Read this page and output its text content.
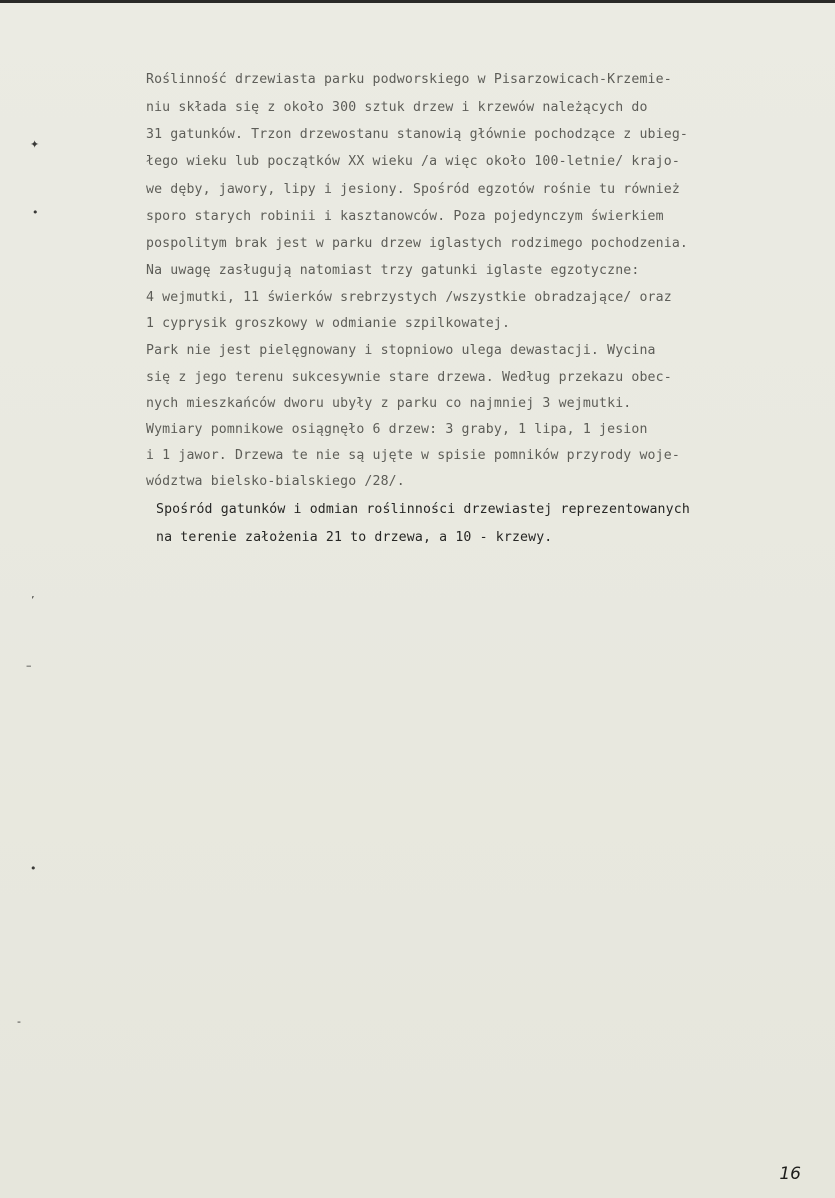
Roślinność drzewiasta parku podworskiego w Pisarzowicach-Krzemie-

niu składa się z około 300 sztuk drzew i krzewów należących do

31 gatunków. Trzon drzewostanu stanowią głównie pochodzące z ubieg-

łego wieku lub początków XX wieku /a więc około 100-letnie/ krajo-

we dęby, jawory, lipy i jesiony. Spośród egzotów rośnie tu również

sporo starych robinii i kasztanowców. Poza pojedynczym świerkiem

pospolitym brak jest w parku drzew iglastych rodzimego pochodzenia.

Na uwagę zasługują natomiast trzy gatunki iglaste egzotyczne:

4 wejmutki, 11 świerków srebrzystych /wszystkie obradzające/ oraz

1 cyprysik groszkowy w odmianie szpilkowatej.

Park nie jest pielęgnowany i stopniowo ulega dewastacji. Wycina

się z jego terenu sukcesywnie stare drzewa. Według przekazu obec-

nych mieszkańców dworu ubyły z parku co najmniej 3 wejmutki.

Wymiary pomnikowe osiągnęło 6 drzew: 3 graby, 1 lipa, 1 jesion

i 1 jawor. Drzewa te nie są ujęte w spisie pomników przyrody woje-

wództwa bielsko-bialskiego /28/.

Spośród gatunków i odmian roślinności drzewiastej reprezentowanych

na terenie założenia 21 to drzewa, a 10 - krzewy.

✦
•
ʼ
–
•
-
16
